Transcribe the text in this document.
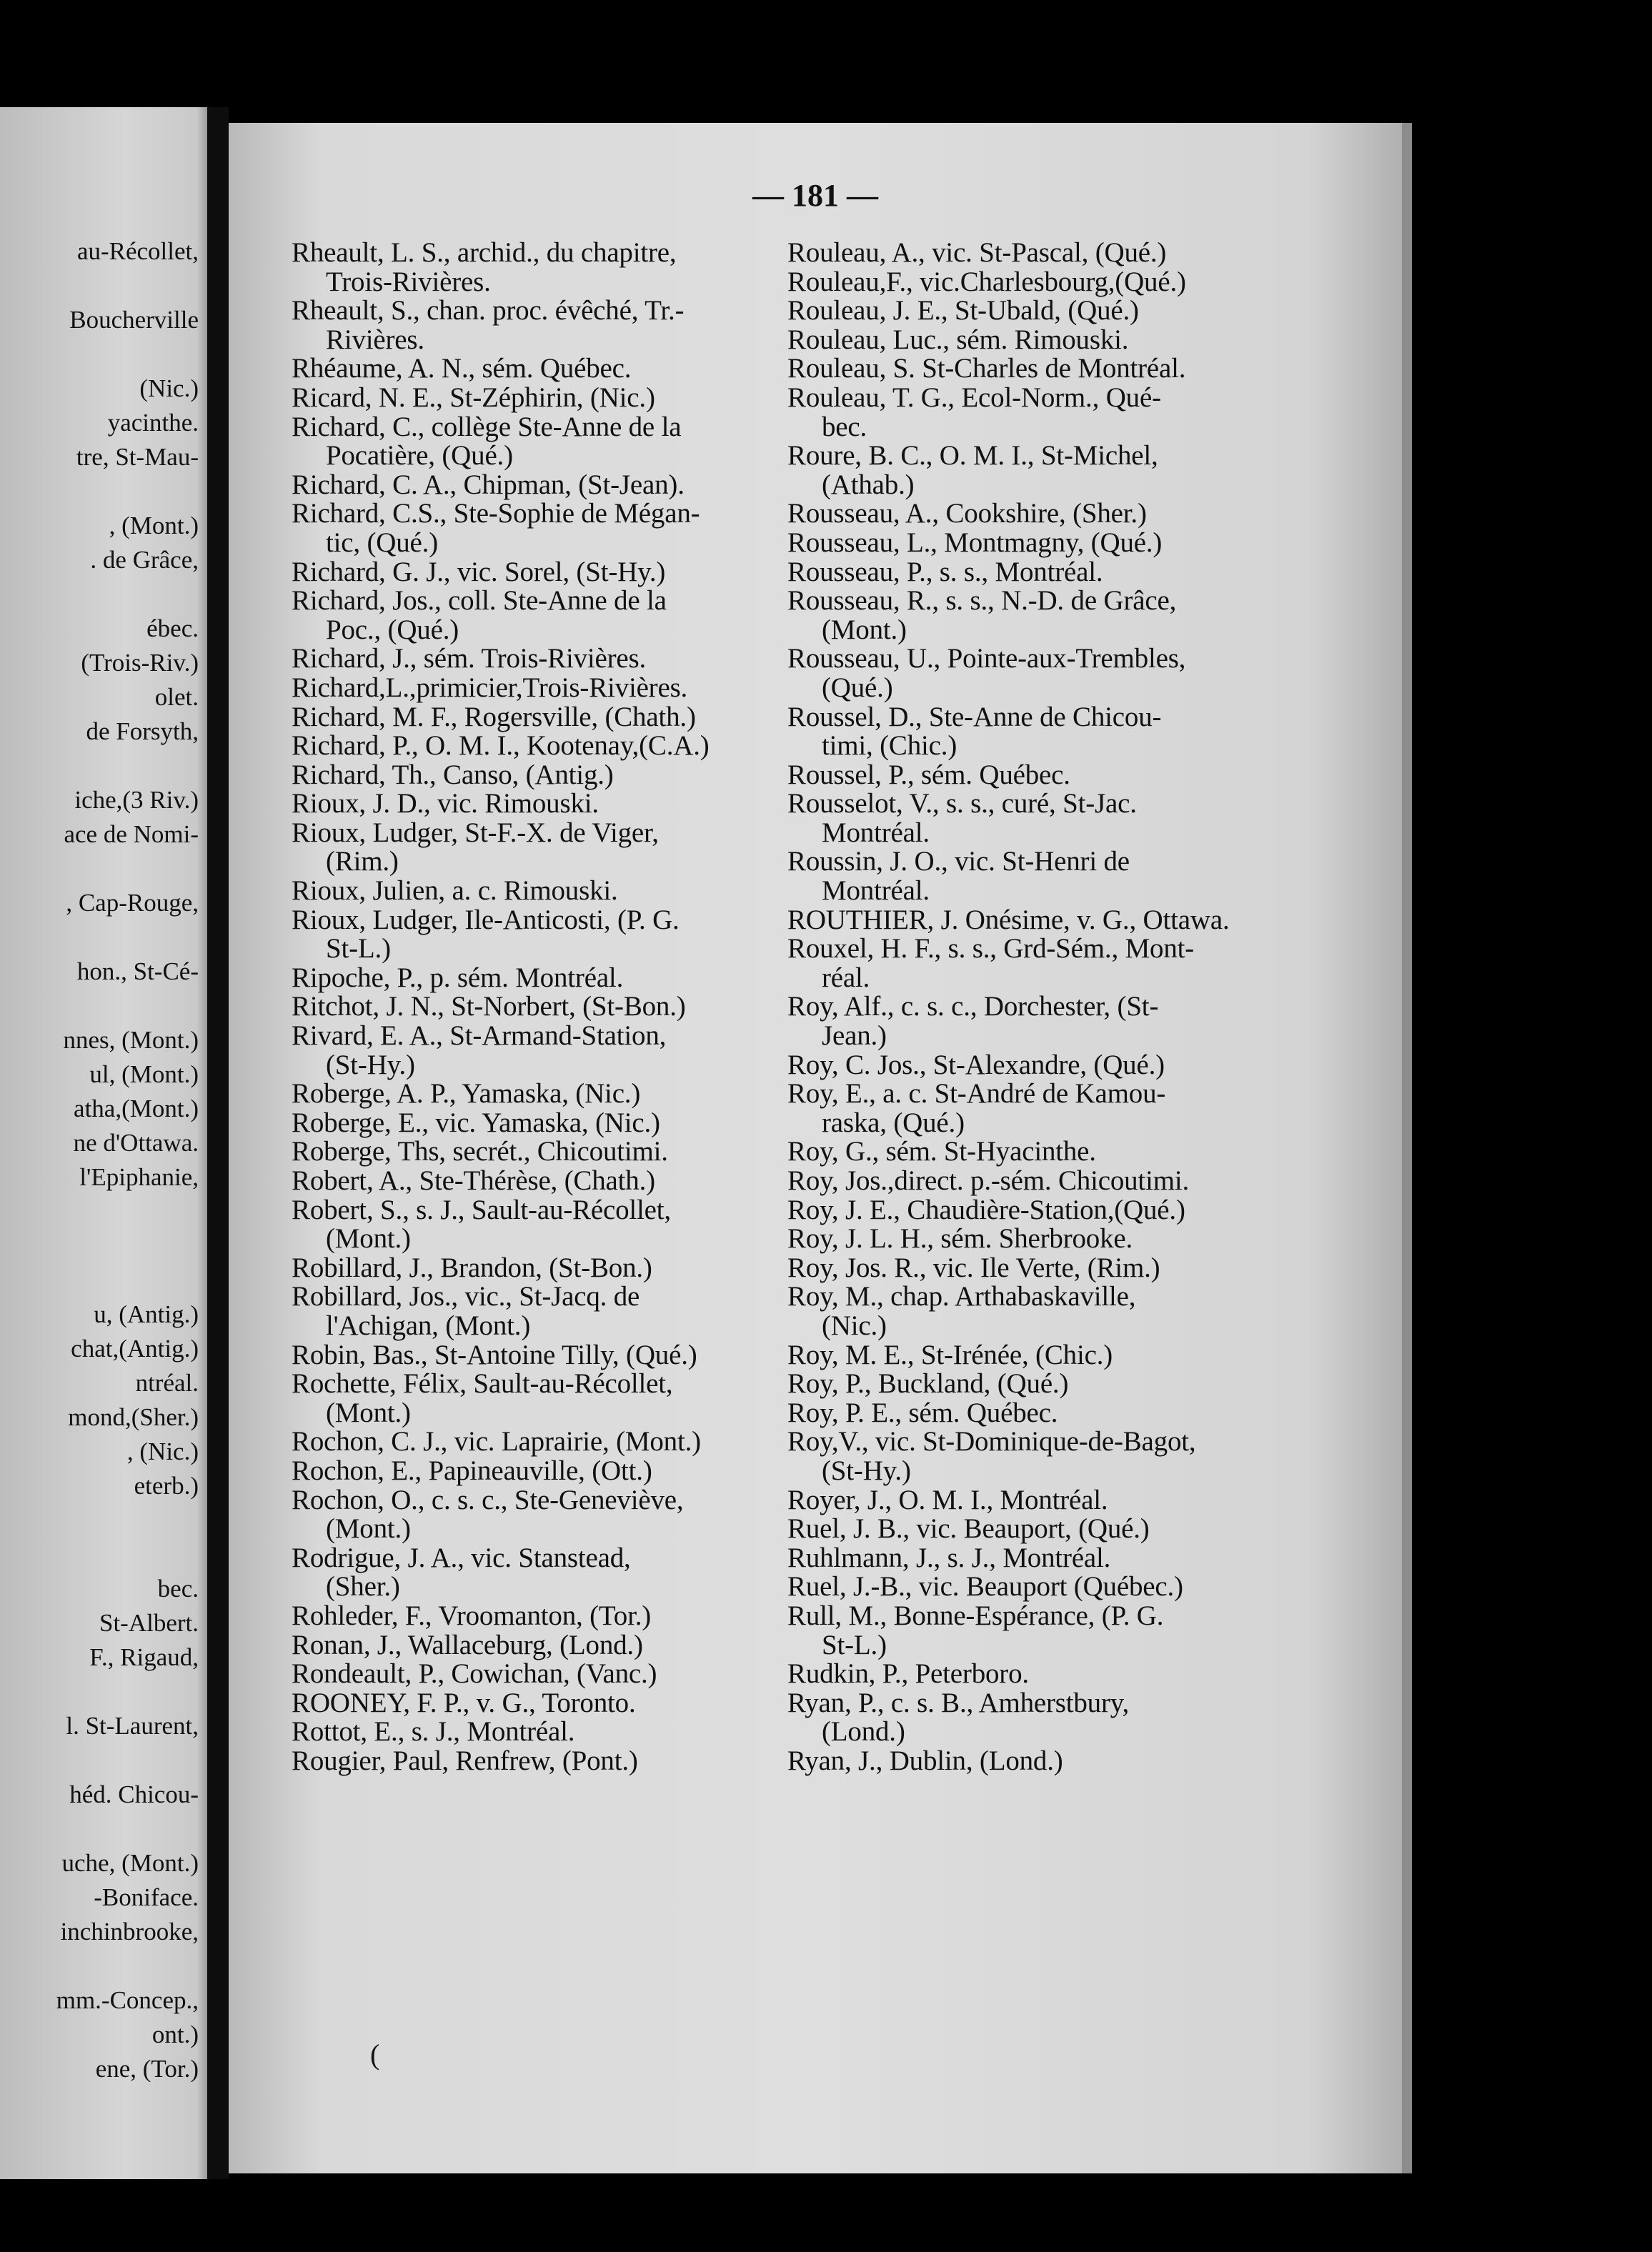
au-Récollet,
Boucherville
(Nic.)
yacinthe.
tre, St-Mau-
, (Mont.)
. de Grâce,
ébec.
(Trois-Riv.)
olet.
de Forsyth,
iche,(3 Riv.)
ace de Nomi-
, Cap-Rouge,
hon., St-Cé-
nnes, (Mont.)
ul, (Mont.)
atha,(Mont.)
ne d'Ottawa.
l'Epiphanie,
u, (Antig.)
chat,(Antig.)
ntréal.
mond,(Sher.)
, (Nic.)
eterb.)
bec.
St-Albert.
F., Rigaud,
l. St-Laurent,
héd. Chicou-
uche, (Mont.)
-Boniface.
inchinbrooke,
mm.-Concep.,
ont.)
ene, (Tor.)
— 181 —
Rheault, L. S., archid., du chapitre,
Trois-Rivières.
Rheault, S., chan. proc. évêché, Tr.-
Rivières.
Rhéaume, A. N., sém. Québec.
Ricard, N. E., St-Zéphirin, (Nic.)
Richard, C., collège Ste-Anne de la
Pocatière, (Qué.)
Richard, C. A., Chipman, (St-Jean).
Richard, C.S., Ste-Sophie de Mégan-
tic, (Qué.)
Richard, G. J., vic. Sorel, (St-Hy.)
Richard, Jos., coll. Ste-Anne de la
Poc., (Qué.)
Richard, J., sém. Trois-Rivières.
Richard,L.,primicier,Trois-Rivières.
Richard, M. F., Rogersville, (Chath.)
Richard, P., O. M. I., Kootenay,(C.A.)
Richard, Th., Canso, (Antig.)
Rioux, J. D., vic. Rimouski.
Rioux, Ludger, St-F.-X. de Viger,
(Rim.)
Rioux, Julien, a. c. Rimouski.
Rioux, Ludger, Ile-Anticosti, (P. G.
St-L.)
Ripoche, P., p. sém. Montréal.
Ritchot, J. N., St-Norbert, (St-Bon.)
Rivard, E. A., St-Armand-Station,
(St-Hy.)
Roberge, A. P., Yamaska, (Nic.)
Roberge, E., vic. Yamaska, (Nic.)
Roberge, Ths, secrét., Chicoutimi.
Robert, A., Ste-Thérèse, (Chath.)
Robert, S., s. J., Sault-au-Récollet,
(Mont.)
Robillard, J., Brandon, (St-Bon.)
Robillard, Jos., vic., St-Jacq. de
l'Achigan, (Mont.)
Robin, Bas., St-Antoine Tilly, (Qué.)
Rochette, Félix, Sault-au-Récollet,
(Mont.)
Rochon, C. J., vic. Laprairie, (Mont.)
Rochon, E., Papineauville, (Ott.)
Rochon, O., c. s. c., Ste-Geneviève,
(Mont.)
Rodrigue, J. A., vic. Stanstead,
(Sher.)
Rohleder, F., Vroomanton, (Tor.)
Ronan, J., Wallaceburg, (Lond.)
Rondeault, P., Cowichan, (Vanc.)
ROONEY, F. P., v. G., Toronto.
Rottot, E., s. J., Montréal.
Rougier, Paul, Renfrew, (Pont.)
Rouleau, A., vic. St-Pascal, (Qué.)
Rouleau,F., vic.Charlesbourg,(Qué.)
Rouleau, J. E., St-Ubald, (Qué.)
Rouleau, Luc., sém. Rimouski.
Rouleau, S. St-Charles de Montréal.
Rouleau, T. G., Ecol-Norm., Qué-
bec.
Roure, B. C., O. M. I., St-Michel,
(Athab.)
Rousseau, A., Cookshire, (Sher.)
Rousseau, L., Montmagny, (Qué.)
Rousseau, P., s. s., Montréal.
Rousseau, R., s. s., N.-D. de Grâce,
(Mont.)
Rousseau, U., Pointe-aux-Trembles,
(Qué.)
Roussel, D., Ste-Anne de Chicou-
timi, (Chic.)
Roussel, P., sém. Québec.
Rousselot, V., s. s., curé, St-Jac.
Montréal.
Roussin, J. O., vic. St-Henri de
Montréal.
ROUTHIER, J. Onésime, v. G., Ottawa.
Rouxel, H. F., s. s., Grd-Sém., Mont-
réal.
Roy, Alf., c. s. c., Dorchester, (St-
Jean.)
Roy, C. Jos., St-Alexandre, (Qué.)
Roy, E., a. c. St-André de Kamou-
raska, (Qué.)
Roy, G., sém. St-Hyacinthe.
Roy, Jos.,direct. p.-sém. Chicoutimi.
Roy, J. E., Chaudière-Station,(Qué.)
Roy, J. L. H., sém. Sherbrooke.
Roy, Jos. R., vic. Ile Verte, (Rim.)
Roy, M., chap. Arthabaskaville,
(Nic.)
Roy, M. E., St-Irénée, (Chic.)
Roy, P., Buckland, (Qué.)
Roy, P. E., sém. Québec.
Roy,V., vic. St-Dominique-de-Bagot,
(St-Hy.)
Royer, J., O. M. I., Montréal.
Ruel, J. B., vic. Beauport, (Qué.)
Ruhlmann, J., s. J., Montréal.
Ruel, J.-B., vic. Beauport (Québec.)
Rull, M., Bonne-Espérance, (P. G.
St-L.)
Rudkin, P., Peterboro.
Ryan, P., c. s. B., Amherstbury,
(Lond.)
Ryan, J., Dublin, (Lond.)
(
